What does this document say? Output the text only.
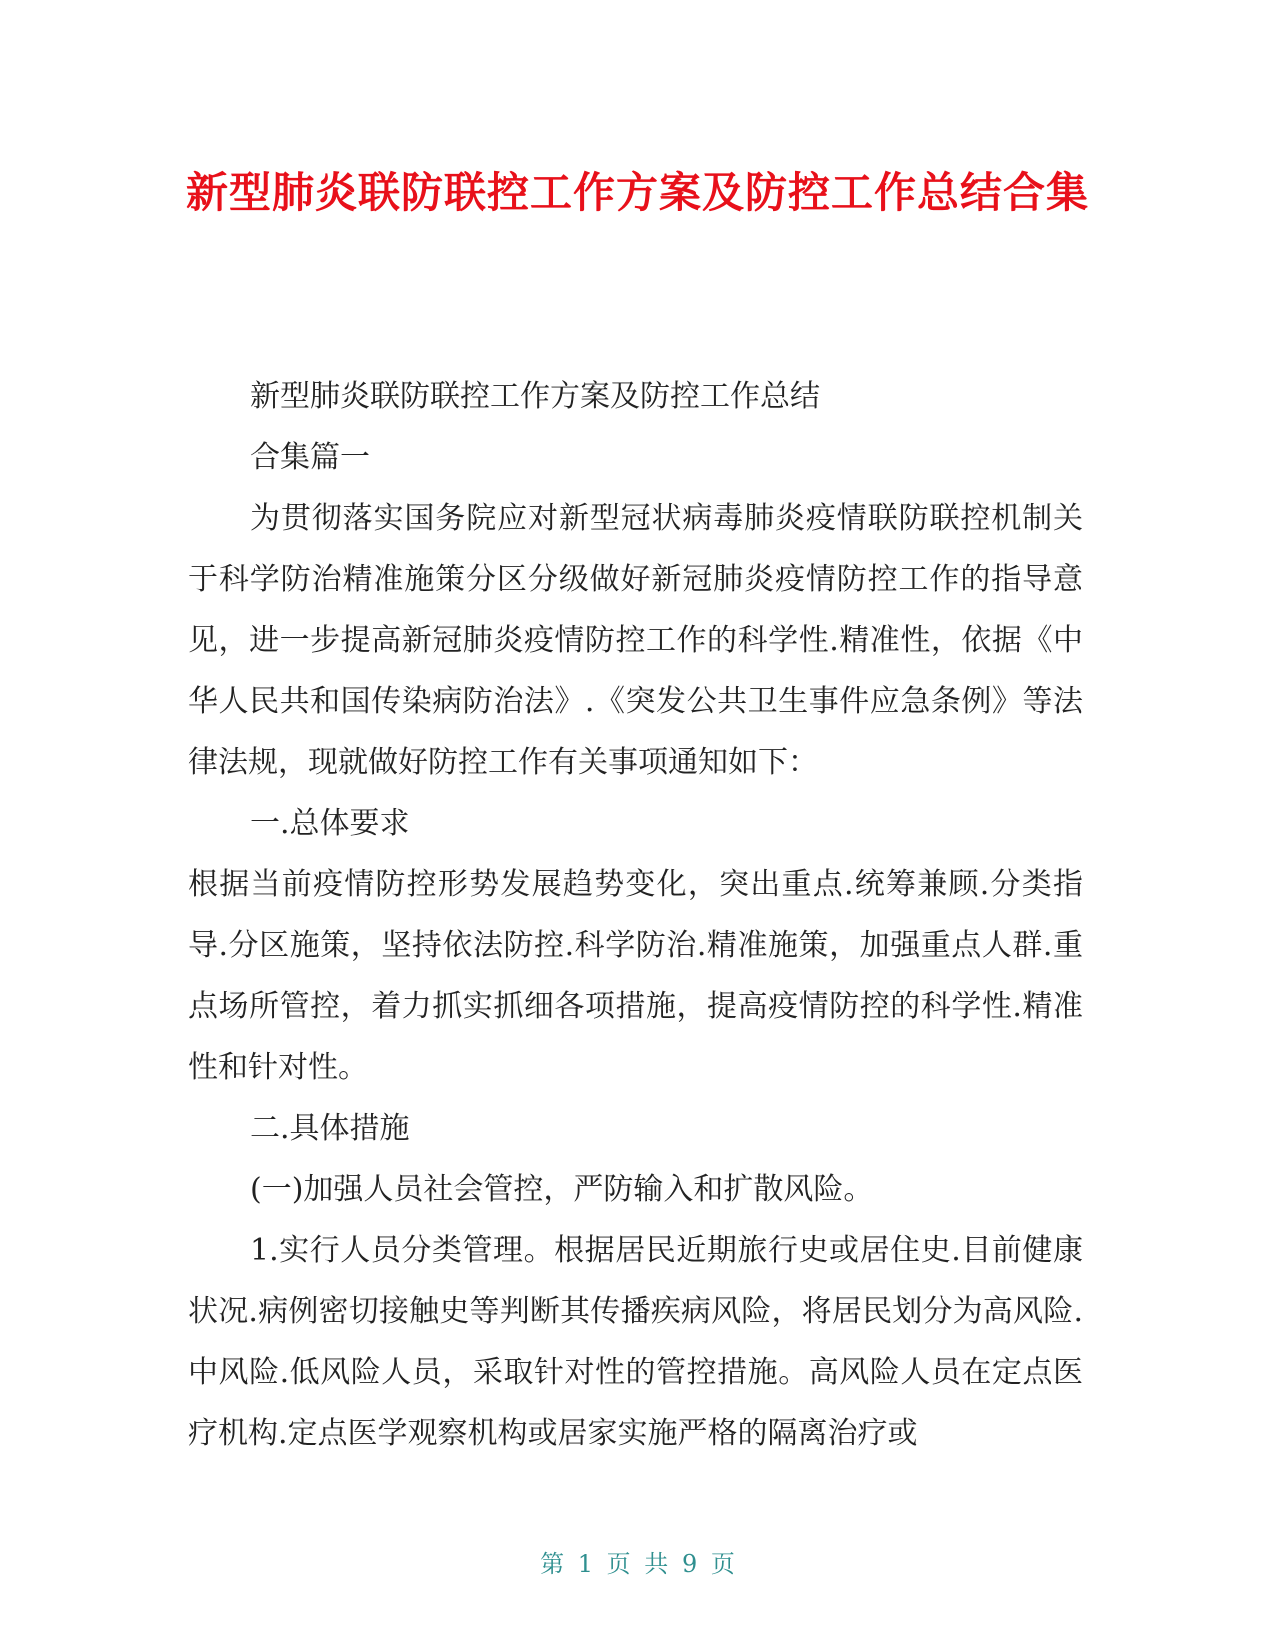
新型肺炎联防联控工作方案及防控工作总结合集

新型肺炎联防联控工作方案及防控工作总结

合集篇一

为贯彻落实国务院应对新型冠状病毒肺炎疫情联防联控机制关于科学防治精准施策分区分级做好新冠肺炎疫情防控工作的指导意见，进一步提高新冠肺炎疫情防控工作的科学性.精准性，依据《中华人民共和国传染病防治法》.《突发公共卫生事件应急条例》等法律法规，现就做好防控工作有关事项通知如下：

一.总体要求

根据当前疫情防控形势发展趋势变化，突出重点.统筹兼顾.分类指导.分区施策，坚持依法防控.科学防治.精准施策，加强重点人群.重点场所管控，着力抓实抓细各项措施，提高疫情防控的科学性.精准性和针对性。

二.具体措施

(一)加强人员社会管控，严防输入和扩散风险。

1.实行人员分类管理。根据居民近期旅行史或居住史.目前健康状况.病例密切接触史等判断其传播疾病风险，将居民划分为高风险.中风险.低风险人员，采取针对性的管控措施。高风险人员在定点医疗机构.定点医学观察机构或居家实施严格的隔离治疗或

第 1 页 共 9 页
